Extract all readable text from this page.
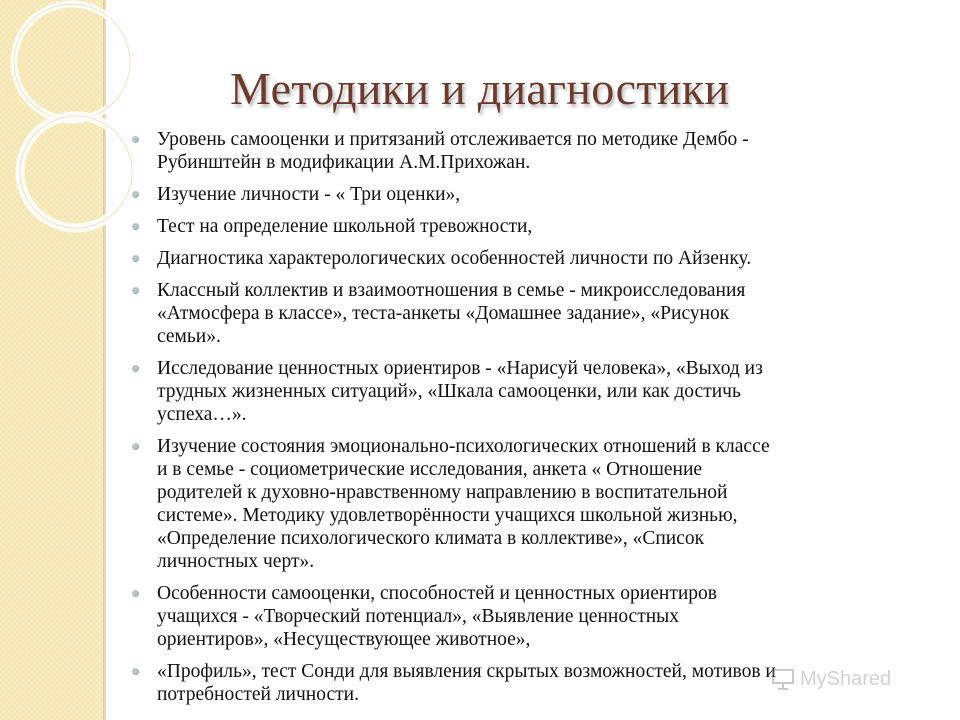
Методики и диагностики
Уровень самооценки и притязаний отслеживается по методике Дембо -
Рубинштейн в модификации А.М.Прихожан.
Изучение личности - « Три оценки»,
Тест на определение школьной тревожности,
Диагностика характерологических особенностей личности по Айзенку.
Классный коллектив и взаимоотношения в семье - микроисследования
«Атмосфера в классе», теста-анкеты «Домашнее задание», «Рисунок
семьи».
Исследование ценностных ориентиров - «Нарисуй человека», «Выход из
трудных жизненных ситуаций», «Шкала самооценки, или как достичь
успеха…».
Изучение состояния эмоционально-психологических отношений в классе
и в семье - социометрические исследования, анкета « Отношение
родителей к духовно-нравственному направлению в воспитательной
системе». Методику удовлетворённости учащихся школьной жизнью,
«Определение психологического климата в коллективе», «Список
личностных черт».
Особенности самооценки, способностей и ценностных ориентиров
учащихся - «Творческий потенциал», «Выявление ценностных
ориентиров», «Несуществующее животное»,
«Профиль», тест Сонди для выявления скрытых возможностей, мотивов и
потребностей личности.
MyShared
